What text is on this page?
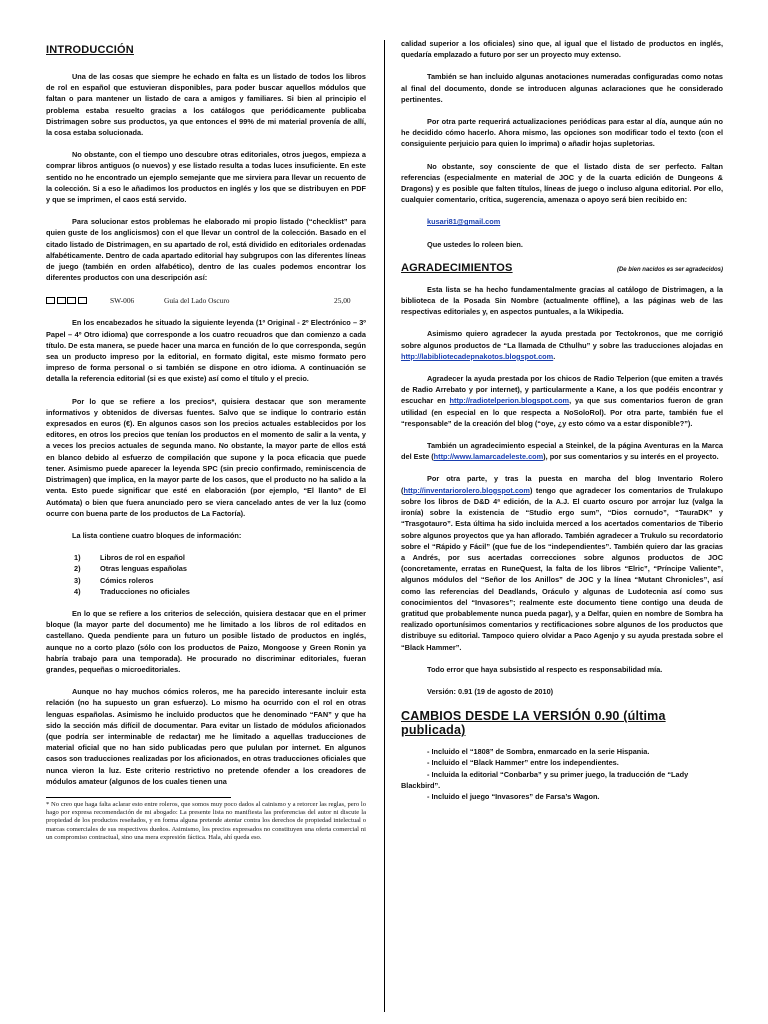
INTRODUCCIÓN

Una de las cosas que siempre he echado en falta es un listado de todos los libros de rol en español que estuvieran disponibles, para poder buscar aquellos módulos que faltan o para mantener un listado de cara a amigos y familiares. Si bien al principio el problema estaba resuelto gracias a los catálogos que periódicamente publicaba Distrimagen sobre sus productos, ya que entonces el 99% de mi material provenía de allí, la cosa estaba solucionada.

No obstante, con el tiempo uno descubre otras editoriales, otros juegos, empieza a comprar libros antiguos (o nuevos) y ese listado resulta a todas luces insuficiente. En este sentido no he encontrado un ejemplo semejante que me sirviera para llevar un recuento de la colección. Si a eso le añadimos los productos en inglés y los que se distribuyen en PDF y que se imprimen, el caos está servido.

Para solucionar estos problemas he elaborado mi propio listado (“checklist” para quien guste de los anglicismos) con el que llevar un control de la colección. Basado en el citado listado de Distrimagen, en su apartado de rol, está dividido en editoriales ordenadas alfabéticamente. Dentro de cada apartado editorial hay subgrupos con las diferentes líneas de juego (también en orden alfabético), dentro de las cuales podemos encontrar los diferentes productos con una descripción así:

SW-006	Guía del Lado Oscuro	25,00

En los encabezados he situado la siguiente leyenda (1º Original - 2º Electrónico – 3º Papel – 4º Otro idioma) que corresponde a los cuatro recuadros que dan comienzo a cada título. De esta manera, se puede hacer una marca en función de lo que corresponda, según sea un producto impreso por la editorial, en formato digital, este mismo formato pero impreso de forma personal o si también se dispone en otro idioma. A continuación se detalla la referencia editorial (si es que existe) así como el título y el precio.

Por lo que se refiere a los precios*, quisiera destacar que son meramente informativos y obtenidos de diversas fuentes. Salvo que se indique lo contrario están expresados en euros (€). En algunos casos son los precios actuales establecidos por los editores, en otros los precios que tenían los productos en el momento de salir a la venta, y a veces los precios actuales de segunda mano. No obstante, la mayor parte de ellos está en blanco debido al esfuerzo de compilación que supone y la poca eficacia que puede tener. Asimismo puede aparecer la leyenda SPC (sin precio confirmado, reminiscencia de Distrimagen) que implica, en la mayor parte de los casos, que el producto no ha salido a la venta. Esto puede significar que esté en elaboración (por ejemplo, “El llanto” de El Autómata) o bien que fuera anunciado pero se viera cancelado antes de ver la luz (como ocurre con buena parte de los productos de La Factoría).

La lista contiene cuatro bloques de información:

1)	Libros de rol en español
2)	Otras lenguas españolas
3)	Cómics roleros
4)	Traducciones no oficiales

En lo que se refiere a los criterios de selección, quisiera destacar que en el primer bloque (la mayor parte del documento) me he limitado a los libros de rol editados en castellano. Queda pendiente para un futuro un posible listado de productos en inglés, aunque no a corto plazo (sólo con los productos de Paizo, Mongoose y Green Ronin ya habría trabajo para una temporada). He procurado no discriminar editoriales, fueran grandes, pequeñas o microeditoriales.

Aunque no hay muchos cómics roleros, me ha parecido interesante incluir esta relación (no ha supuesto un gran esfuerzo). Lo mismo ha ocurrido con el rol en otras lenguas españolas. Asimismo he incluido productos que he denominado “FAN” y que ha sido la sección más difícil de documentar. Para evitar un listado de módulos aficionados (que podría ser interminable de redactar) me he limitado a aquellas traducciones de material oficial que no han sido publicadas pero que pululan por internet. En algunos casos son traducciones realizadas por los aficionados, en otras traducciones oficiales que nunca vieron la luz. Este criterio restrictivo no pretende ofender a los creadores de módulos amateur (algunos de los cuales tienen una

* No creo que haga falta aclarar esto entre roleros, que somos muy poco dados al cainismo y a retorcer las reglas, pero lo hago por expresa recomendación de mi abogado: La presente lista no manifiesta las preferencias del autor ni discute la propiedad de los productos reseñados, y en forma alguna pretende atentar contra los derechos de propiedad intelectual o marcas comerciales de sus respectivos dueños. Asimismo, los precios expresados no constituyen una oferta comercial ni un compromiso contractual, sino una mera expresión fáctica. Hala, ahí queda eso.

calidad superior a los oficiales) sino que, al igual que el listado de productos en inglés, quedaría emplazado a futuro por ser un proyecto muy extenso.

También se han incluido algunas anotaciones numeradas configuradas como notas al final del documento, donde se introducen algunas aclaraciones que he considerado pertinentes.

Por otra parte requerirá actualizaciones periódicas para estar al día, aunque aún no he decidido cómo hacerlo. Ahora mismo, las opciones son modificar todo el texto (con el consiguiente perjuicio para quien lo imprima) o añadir hojas supletorias.

No obstante, soy consciente de que el listado dista de ser perfecto. Faltan referencias (especialmente en material de JOC y de la cuarta edición de Dungeons & Dragons) y es posible que falten títulos, líneas de juego o incluso alguna editorial. Por ello, cualquier comentario, crítica, sugerencia, amenaza o apoyo será bien recibido en:

kusari81@gmail.com

Que ustedes lo roleen bien.

AGRADECIMIENTOS	(De bien nacidos es ser agradecidos)

Esta lista se ha hecho fundamentalmente gracias al catálogo de Distrimagen, a la biblioteca de la Posada Sin Nombre (actualmente offline), a las páginas web de las respectivas editoriales y, en aspectos puntuales, a la Wikipedia.

Asimismo quiero agradecer la ayuda prestada por Tectokronos, que me corrigió sobre algunos productos de “La llamada de Cthulhu” y sobre las traducciones alojadas en http://labibliotecadepnakotos.blogspot.com.

Agradecer la ayuda prestada por los chicos de Radio Telperion (que emiten a través de Radio Arrebato y por internet), y particularmente a Kane, a los que podéis encontrar y escuchar en http://radiotelperion.blogspot.com, ya que sus comentarios fueron de gran utilidad (en especial en lo que respecta a NoSoloRol). Por otra parte, también fue el “responsable” de la creación del blog (“oye, ¿y esto cómo va a estar disponible?”).

También un agradecimiento especial a Steinkel, de la página Aventuras en la Marca del Este (http://www.lamarcadeleste.com), por sus comentarios y su interés en el proyecto.

Por otra parte, y tras la puesta en marcha del blog Inventario Rolero (http://inventariorolero.blogspot.com) tengo que agradecer los comentarios de Trulakupo sobre los libros de D&D 4ª edición, de la A.J. El cuarto oscuro por arrojar luz (valga la ironía) sobre la existencia de “Studio ergo sum”, “Dios cornudo”, “TauraDK” y “Trasgotauro”. Esta última ha sido incluida merced a los acertados comentarios de Tiberio sobre algunos proyectos que ya han aflorado. También agradecer a Trukulo su recordatorio sobre el “Rápido y Fácil” (que fue de los “independientes”. También quiero dar las gracias a Andrés, por sus acertadas correcciones sobre algunos productos de JOC (concretamente, erratas en RuneQuest, la falta de los libros “Elric”, “Príncipe Valiente”, algunos módulos del “Señor de los Anillos” de JOC y la línea “Mutant Chronicles”, así como las referencias del Deadlands, Oráculo y algunas de Ludotecnia así como sus conocimientos del “Invasores”; realmente este documento tiene contigo una deuda de gratitud que probablemente nunca pueda pagar), y a Delfar, quien en nombre de Sombra ha realizado oportunísimos comentarios y rectificaciones sobre algunos de los productos que distribuye su editorial. Tampoco quiero olvidar a Paco Agenjo y su ayuda prestada sobre el “Black Hammer”.

Todo error que haya subsistido al respecto es responsabilidad mía.

Versión: 0.91 (19 de agosto de 2010)

CAMBIOS DESDE LA VERSIÓN 0.90 (última publicada)
- Incluido el “1808” de Sombra, enmarcado en la serie Hispania.
- Incluido el “Black Hammer” entre los independientes.
- Incluida la editorial “Conbarba” y su primer juego, la traducción de “Lady Blackbird”.
- Incluido el juego “Invasores” de Farsa’s Wagon.
